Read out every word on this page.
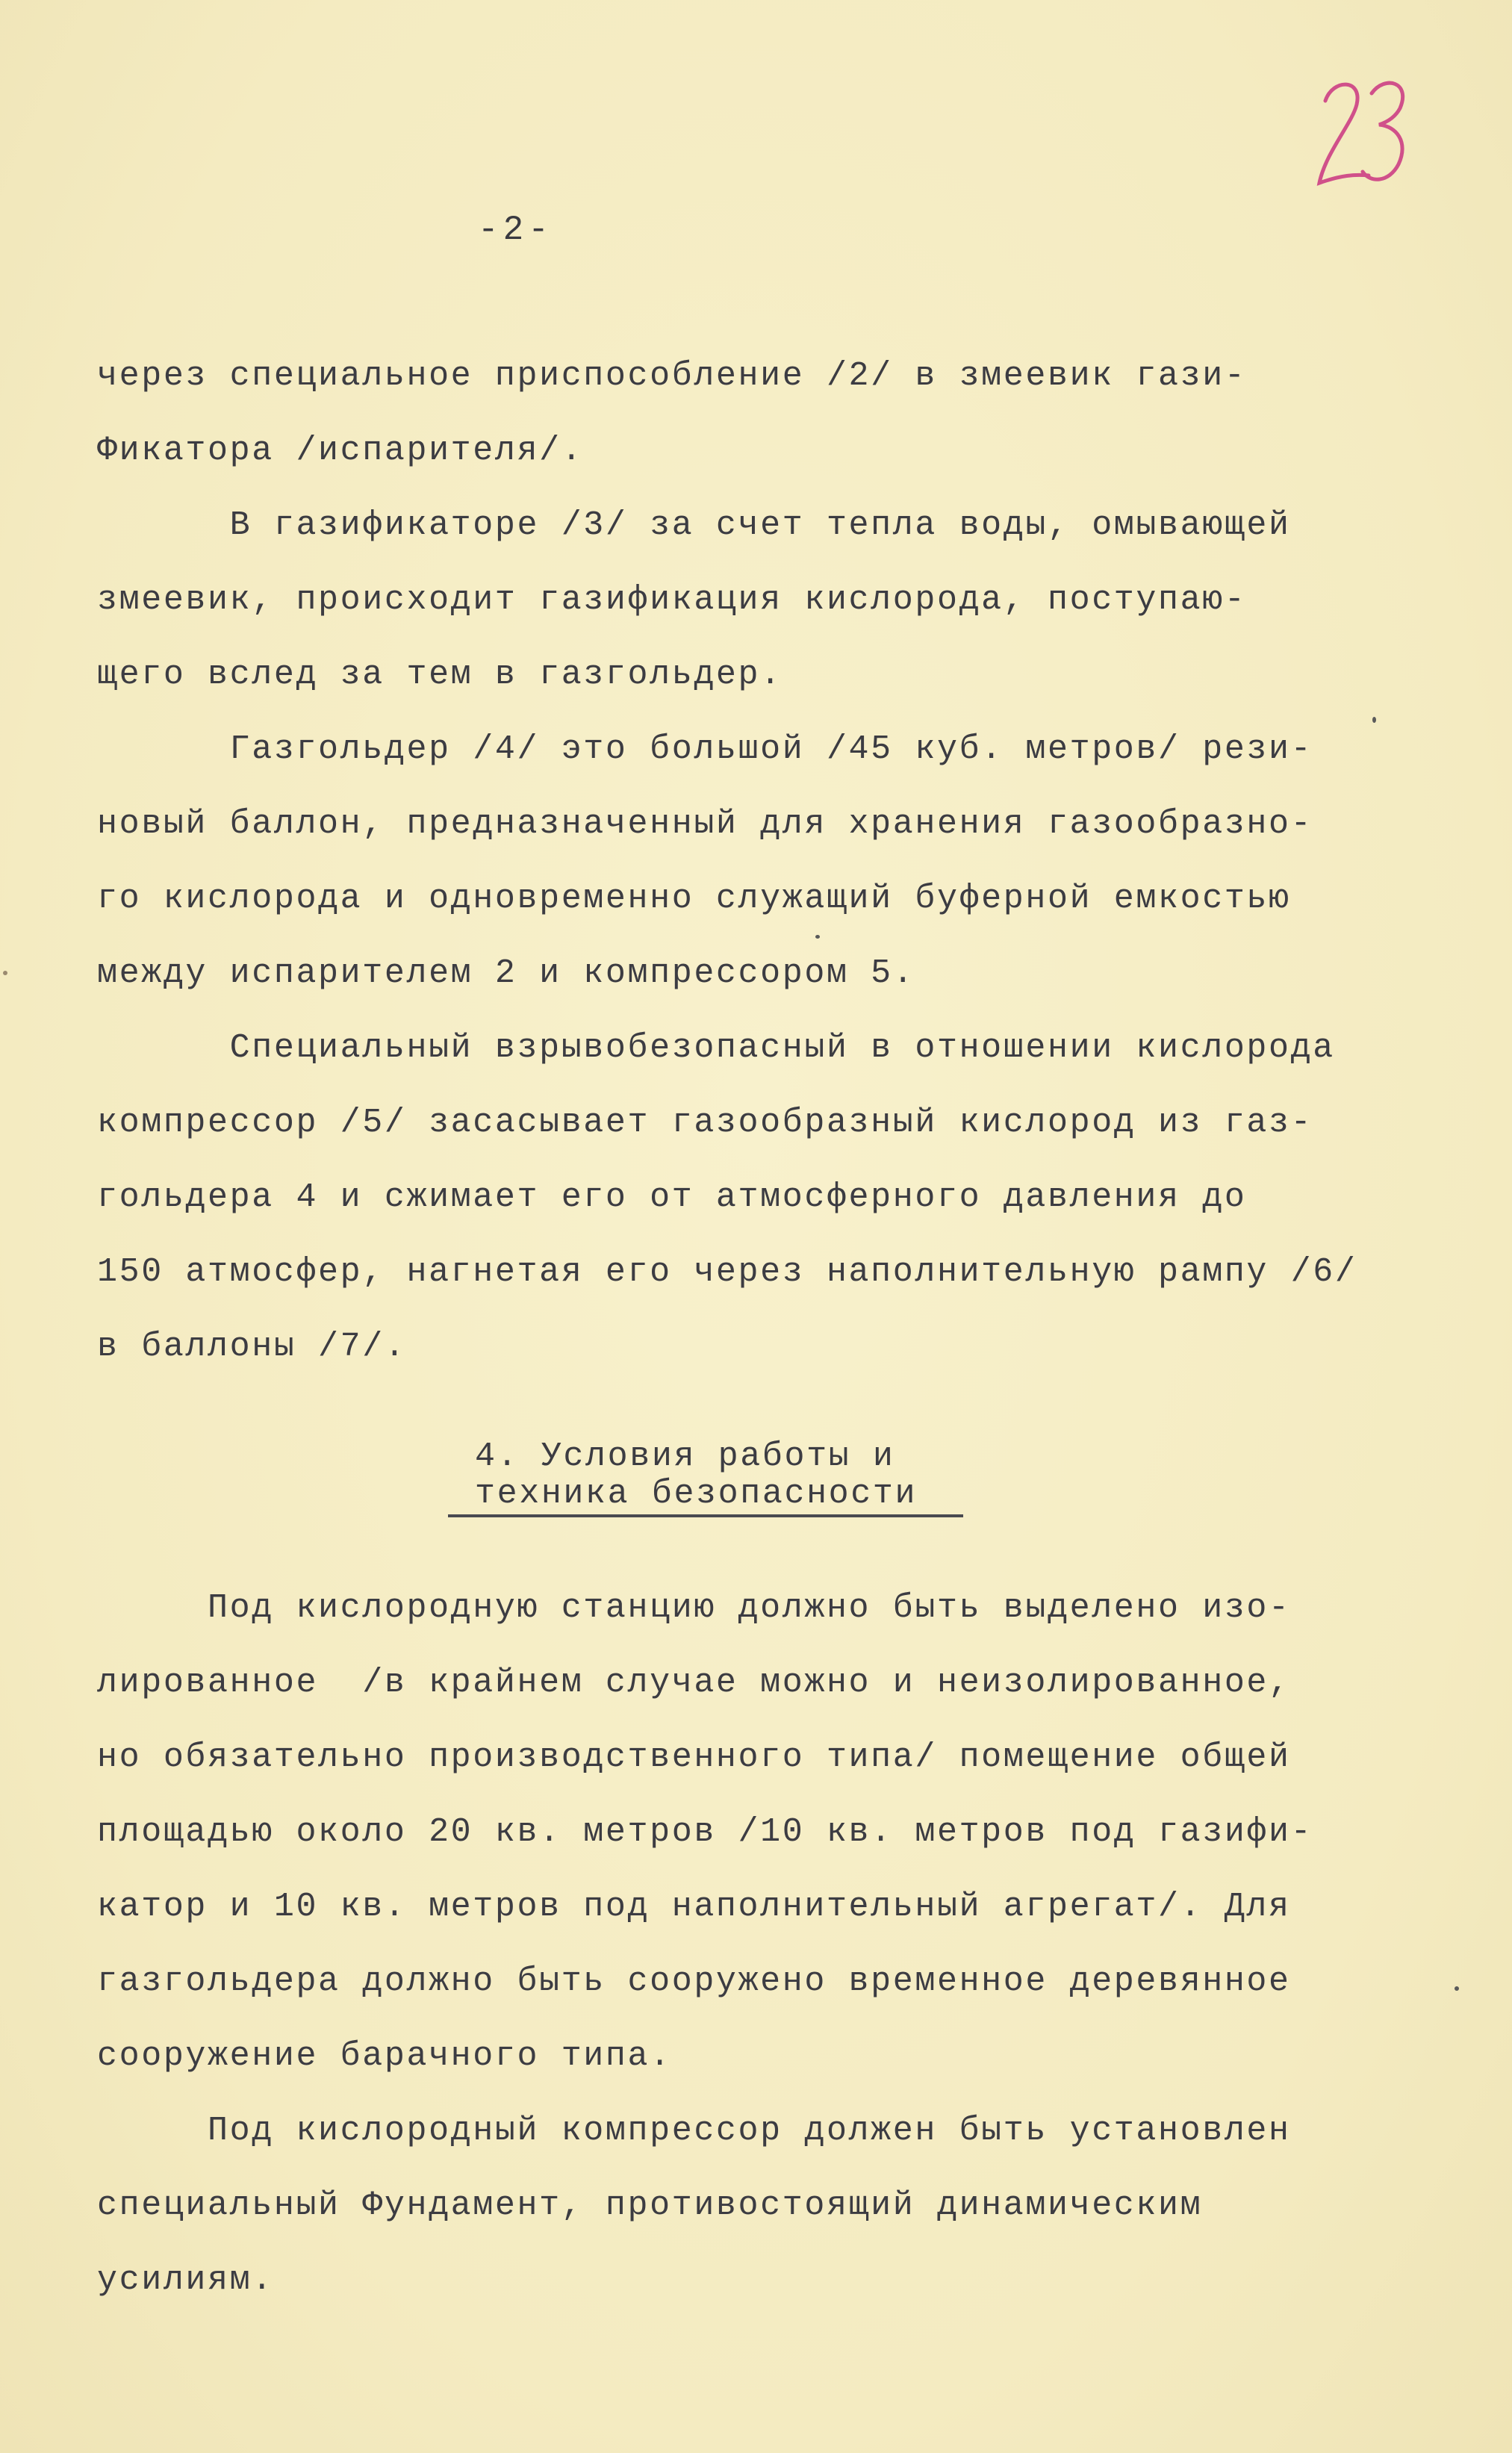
-2-
через специальное приспособление /2/ в змеевик гази-
Фикатора /испарителя/.
В газификаторе /3/ за счет тепла воды, омывающей
змеевик, происходит газификация кислорода, поступаю-
щего вслед за тем в газгольдер.
Газгольдер /4/ это большой /45 куб. метров/ рези-
новый баллон, предназначенный для хранения газообразно-
го кислорода и одновременно служащий буферной емкостью
между испарителем 2 и компрессором 5.
Специальный взрывобезопасный в отношении кислорода
компрессор /5/ засасывает газообразный кислород из газ-
гольдера 4 и сжимает его от атмосферного давления до
150 атмосфер, нагнетая его через наполнительную рампу /6/
в баллоны /7/.
4. Условия работы и
техника безопасности
Под кислородную станцию должно быть выделено изо-
лированное  /в крайнем случае можно и неизолированное,
но обязательно производственного типа/ помещение общей
площадью около 20 кв. метров /10 кв. метров под газифи-
катор и 10 кв. метров под наполнительный агрегат/. Для
газгольдера должно быть сооружено временное деревянное
сооружение барачного типа.
Под кислородный компрессор должен быть установлен
специальный Фундамент, противостоящий динамическим
усилиям.
